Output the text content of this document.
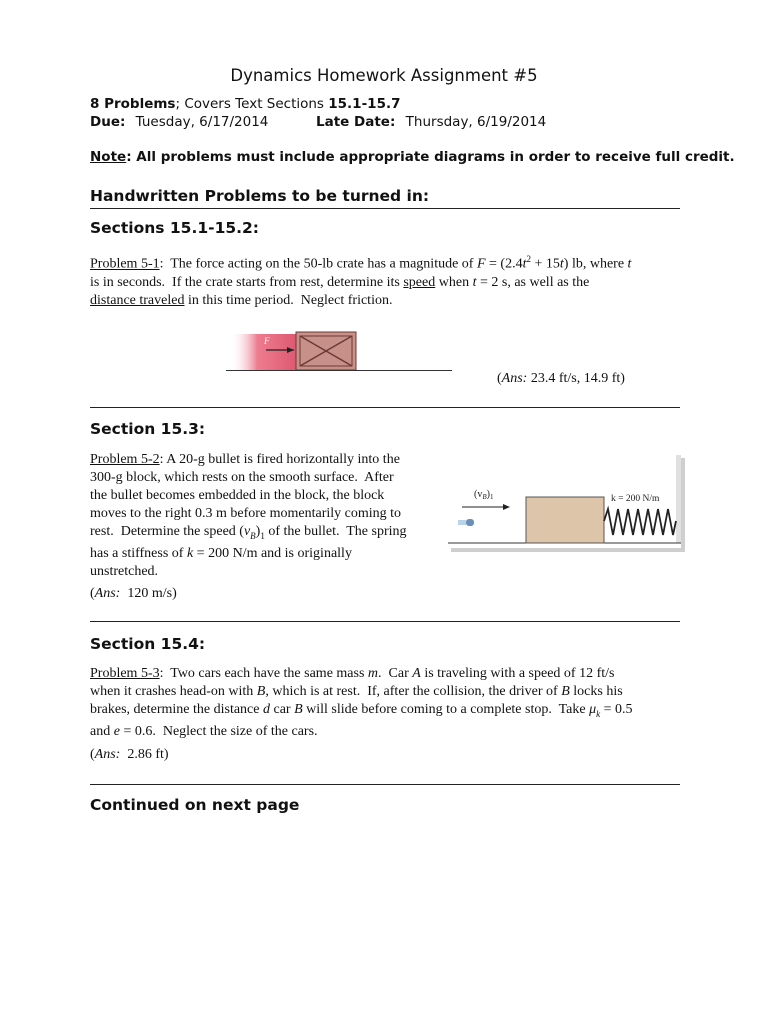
Dynamics Homework Assignment #5
8 Problems; Covers Text Sections 15.1-15.7
Due: Tuesday, 6/17/2014	Late Date: Thursday, 6/19/2014
Note: All problems must include appropriate diagrams in order to receive full credit.
Handwritten Problems to be turned in:
Sections 15.1-15.2:
Problem 5-1:  The force acting on the 50-lb crate has a magnitude of $F = (2.4t^2 + 15t)$ lb, where t
is in seconds.  If the crate starts from rest, determine its speed when t = 2 s, as well as the
distance traveled in this time period.  Neglect friction.
F
(Ans: 23.4 ft/s, 14.9 ft)
Section 15.3:
Problem 5-2: A 20-g bullet is fired horizontally into the
300-g block, which rests on the smooth surface.  After
the bullet becomes embedded in the block, the block
moves to the right 0.3 m before momentarily coming to
rest.  Determine the speed $(v_B)_1$ of the bullet.  The spring
has a stiffness of k = 200 N/m and is originally
unstretched.
$(v_B)_1$	k = 200 N/m
(Ans: 120 m/s)
Section 15.4:
Problem 5-3:  Two cars each have the same mass m.  Car A is traveling with a speed of 12 ft/s
when it crashes head-on with B, which is at rest.  If, after the collision, the driver of B locks his
brakes, determine the distance d car B will slide before coming to a complete stop.  Take $\mu_k = 0.5$
and e = 0.6.  Neglect the size of the cars.
(Ans: 2.86 ft)
Continued on next page
